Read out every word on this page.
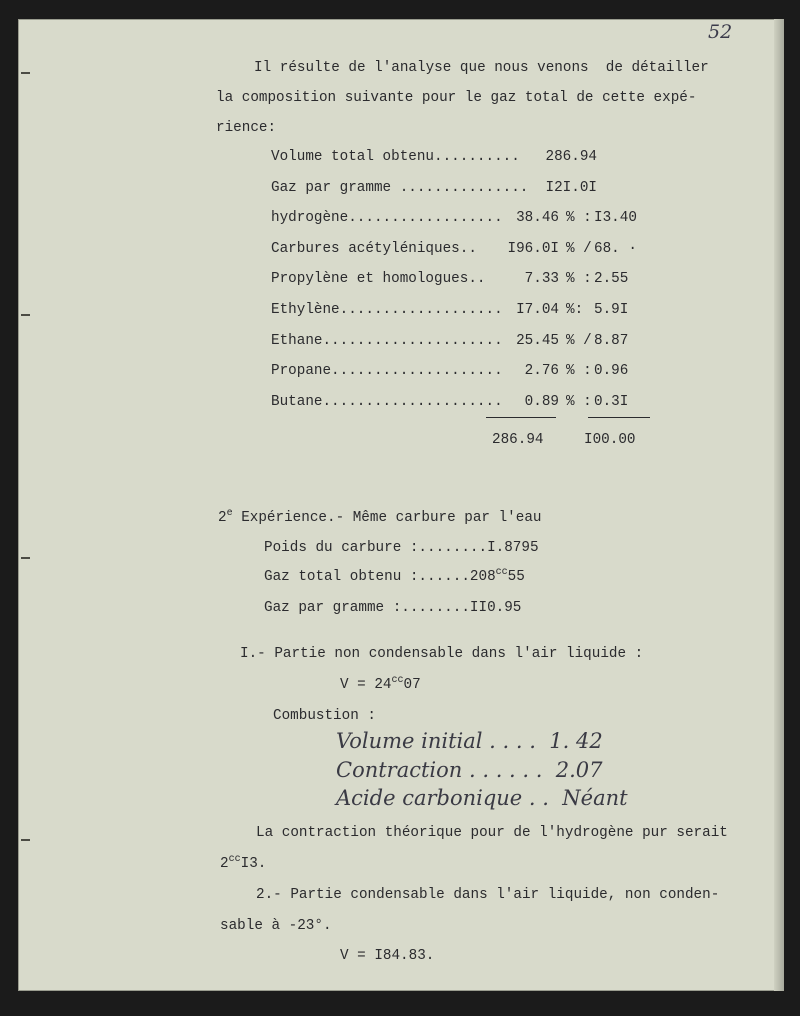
52
Il résulte de l'analyse que nous venons  de détailler
la composition suivante pour le gaz total de cette expé-
rience:
Volume total obtenu.......... 286.94
Gaz par gramme ............... I2I.0I
hydrogène.................. 38.46 % : I3.40
Carbures acétyléniques.. I96.0I % / 68. ·
Propylène et homologues..	7.33 % : 2.55
Ethylène................... I7.04 %: 5.9I
Ethane..................... 25.45 % / 8.87
Propane.................... 2.76 % : 0.96
Butane..................... 0.89 % : 0.3I
286.94	I00.00
2e Expérience.- Même carbure par l'eau
Poids du carbure :........I.8795
Gaz total obtenu :......208$^{cc}$55
Gaz par gramme :........II0.95
I.- Partie non condensable dans l'air liquide :
$V = 24^{cc}07$
Combustion :
Volume initial . . . .  1. 42
Contraction . . . . . .  2.07
Acide carbonique . .  Néant
La contraction théorique pour de l'hydrogène pur serait
$2^{cc}I3$.
2.- Partie condensable dans l'air liquide, non conden-
sable à -23°.
V = I84.83.
